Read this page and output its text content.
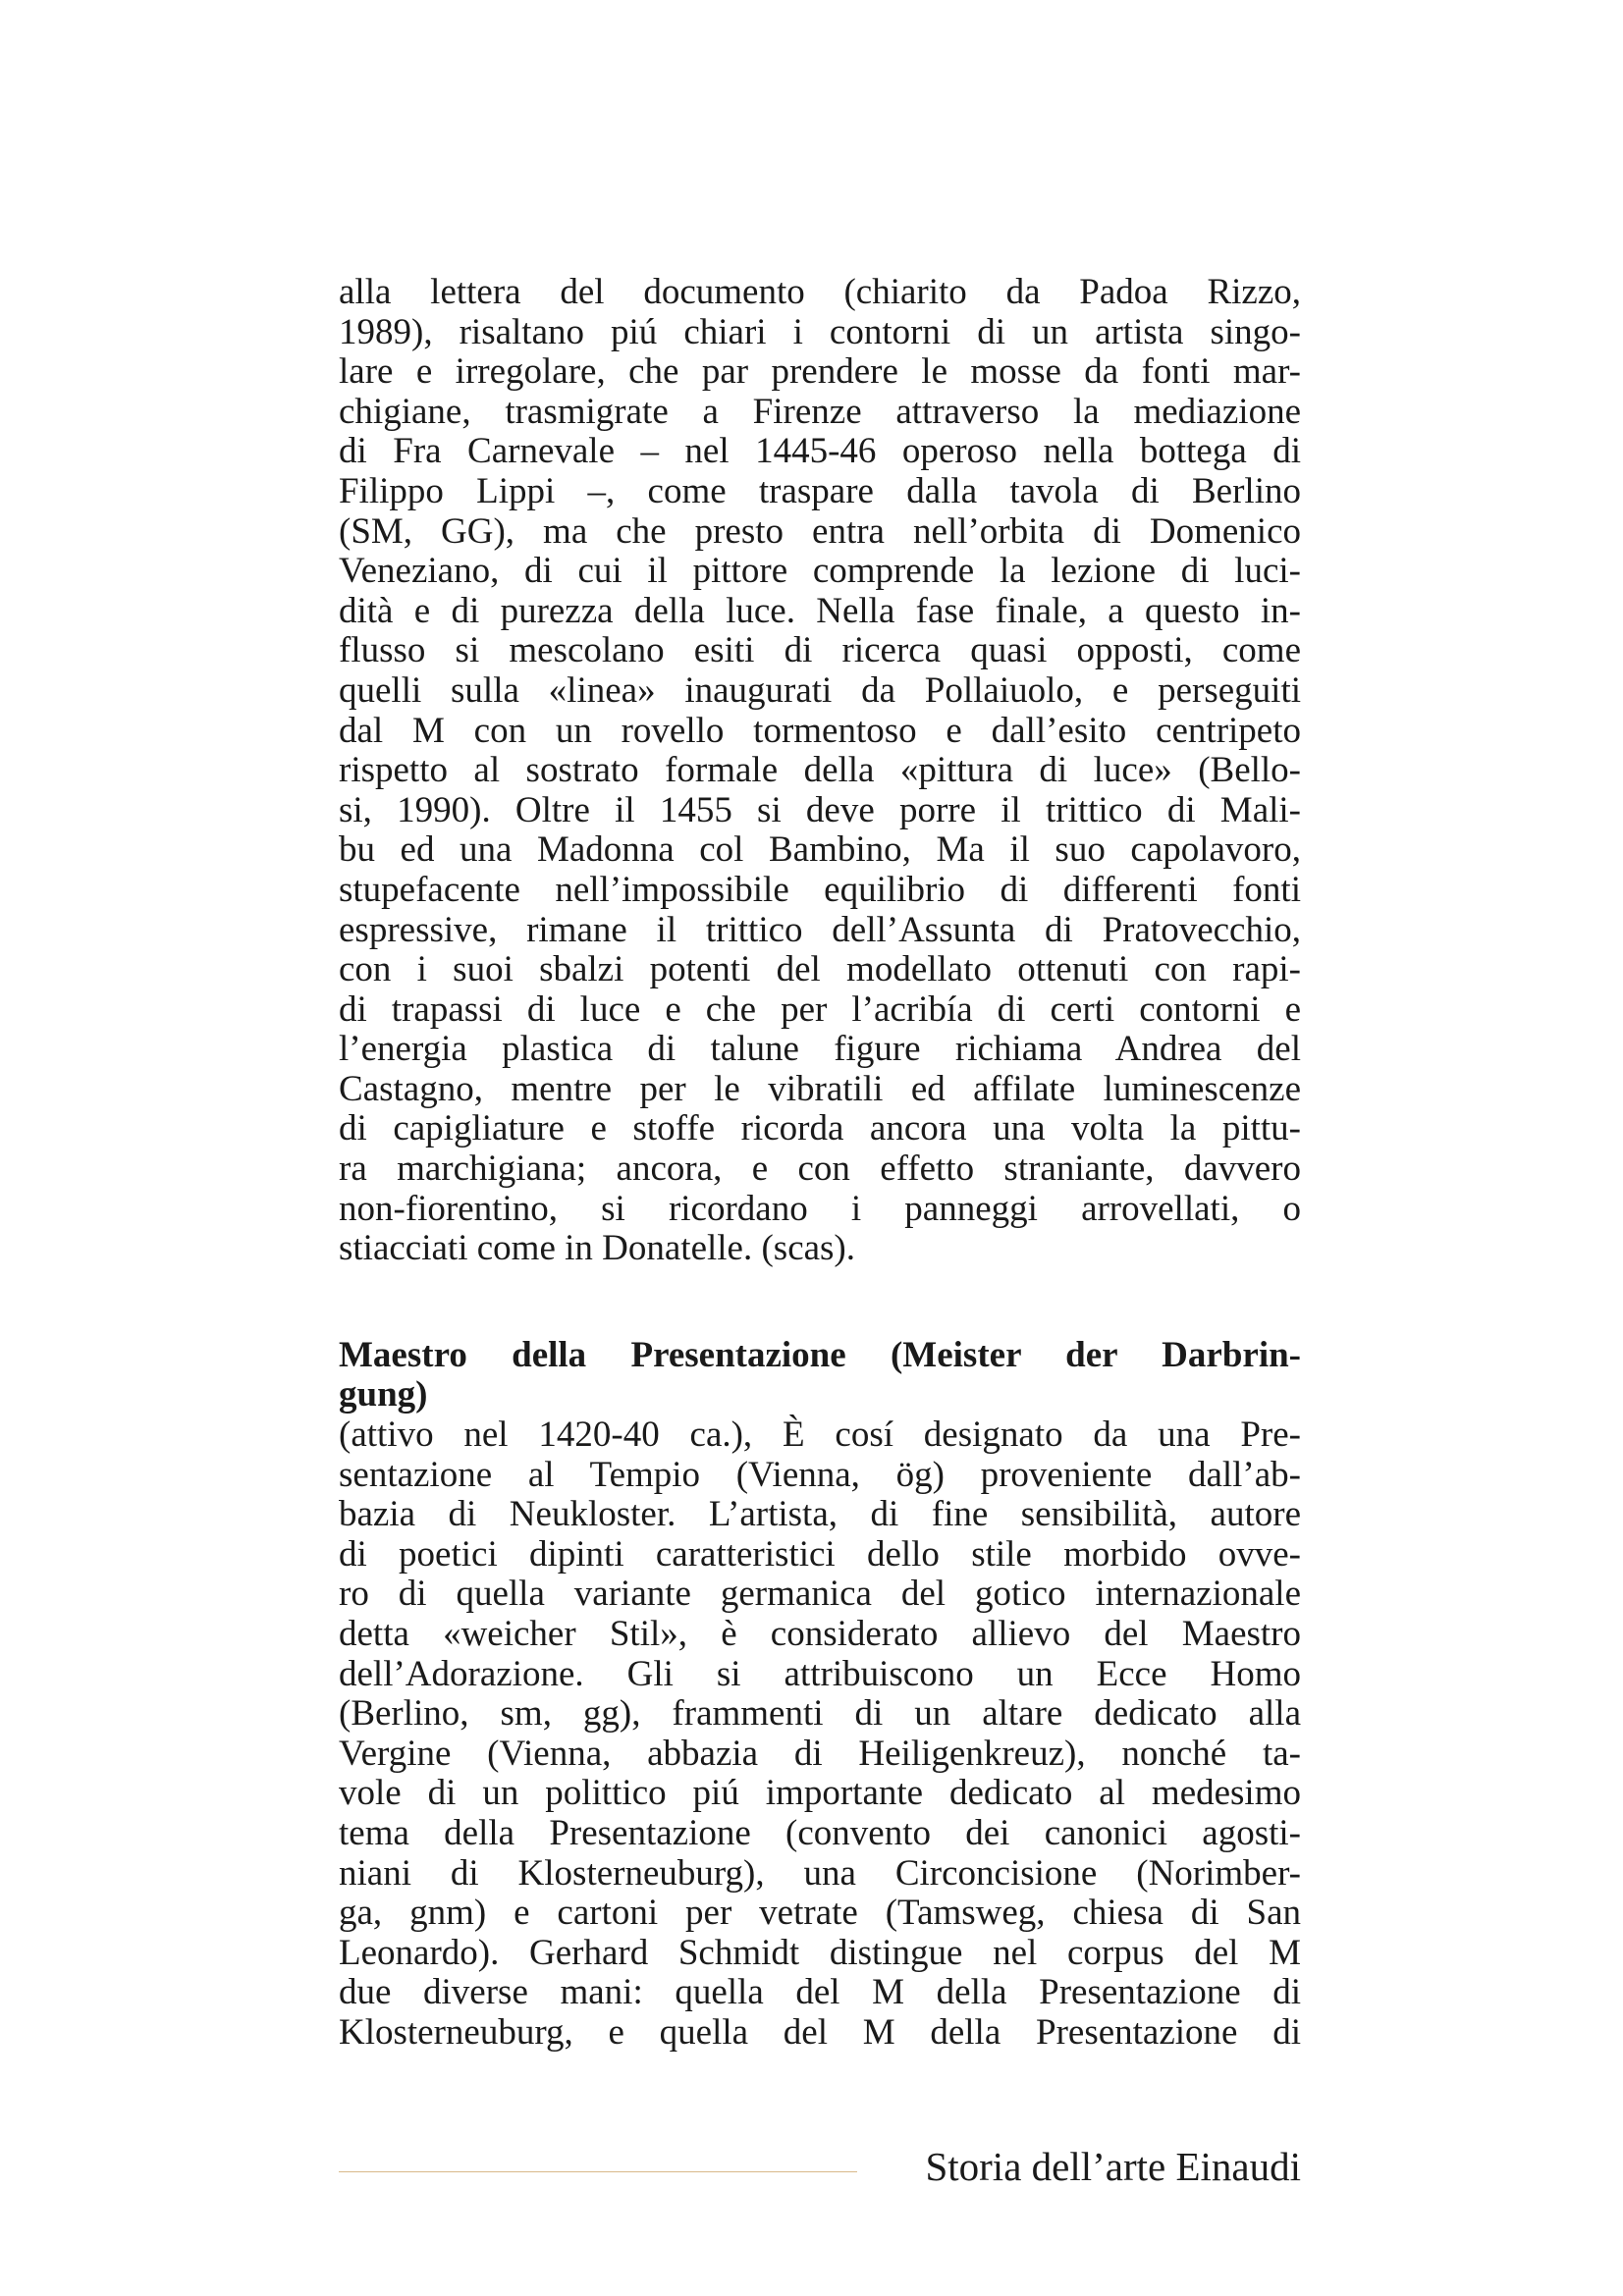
alla lettera del documento (chiarito da Padoa Rizzo,
1989), risaltano piú chiari i contorni di un artista singo-
lare e irregolare, che par prendere le mosse da fonti mar-
chigiane, trasmigrate a Firenze attraverso la mediazione
di Fra Carnevale – nel 1445-46 operoso nella bottega di
Filippo Lippi –, come traspare dalla tavola di Berlino
(SM, GG), ma che presto entra nell’orbita di Domenico
Veneziano, di cui il pittore comprende la lezione di luci-
dità e di purezza della luce. Nella fase finale, a questo in-
flusso si mescolano esiti di ricerca quasi opposti, come
quelli sulla «linea» inaugurati da Pollaiuolo, e perseguiti
dal M con un rovello tormentoso e dall’esito centripeto
rispetto al sostrato formale della «pittura di luce» (Bello-
si, 1990). Oltre il 1455 si deve porre il trittico di Mali-
bu ed una Madonna col Bambino, Ma il suo capolavoro,
stupefacente nell’impossibile equilibrio di differenti fonti
espressive, rimane il trittico dell’Assunta di Pratovecchio,
con i suoi sbalzi potenti del modellato ottenuti con rapi-
di trapassi di luce e che per l’acribía di certi contorni e
l’energia plastica di talune figure richiama Andrea del
Castagno, mentre per le vibratili ed affilate luminescenze
di capigliature e stoffe ricorda ancora una volta la pittu-
ra marchigiana; ancora, e con effetto straniante, davvero
non-fiorentino, si ricordano i panneggi arrovellati, o
stiacciati come in Donatelle. (scas).

Maestro della Presentazione (Meister der Darbrin-
gung)

(attivo nel 1420-40 ca.), È cosí designato da una Pre-
sentazione al Tempio (Vienna, ög) proveniente dall’ab-
bazia di Neukloster. L’artista, di fine sensibilità, autore
di poetici dipinti caratteristici dello stile morbido ovve-
ro di quella variante germanica del gotico internazionale
detta «weicher Stil», è considerato allievo del Maestro
dell’Adorazione. Gli si attribuiscono un Ecce Homo
(Berlino, sm, gg), frammenti di un altare dedicato alla
Vergine (Vienna, abbazia di Heiligenkreuz), nonché ta-
vole di un polittico piú importante dedicato al medesimo
tema della Presentazione (convento dei canonici agosti-
niani di Klosterneuburg), una Circoncisione (Norimber-
ga, gnm) e cartoni per vetrate (Tamsweg, chiesa di San
Leonardo). Gerhard Schmidt distingue nel corpus del M
due diverse mani: quella del M della Presentazione di
Klosterneuburg, e quella del M della Presentazione di

Storia dell’arte Einaudi
